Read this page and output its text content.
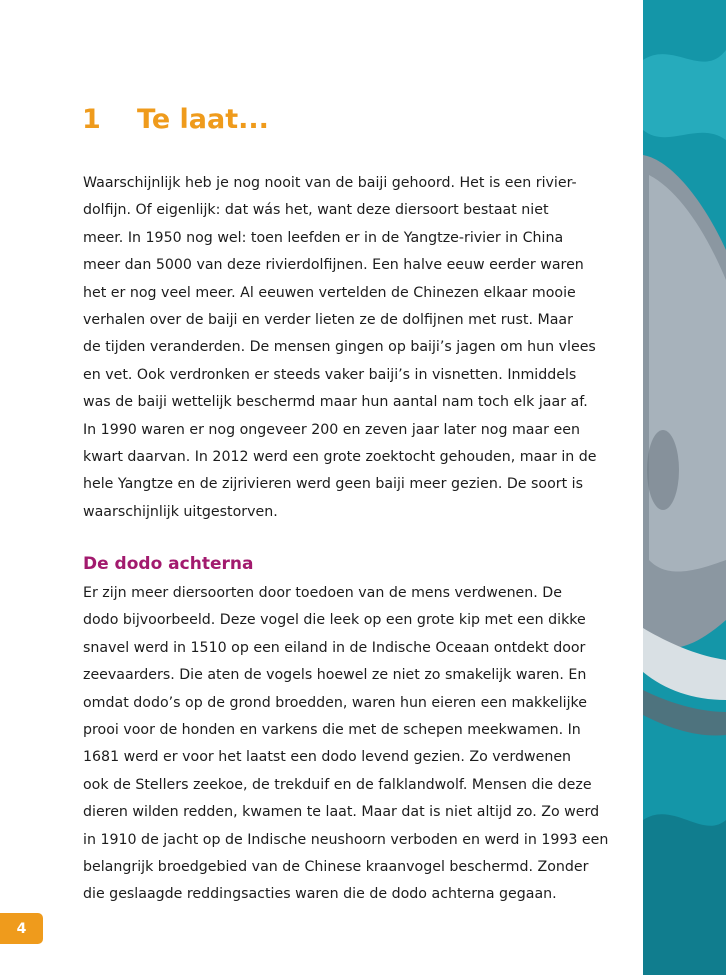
1 Te laat...
Waarschijnlijk heb je nog nooit van de baiji gehoord. Het is een rivier-
dolfijn. Of eigenlijk: dat wás het, want deze diersoort bestaat niet
meer. In 1950 nog wel: toen leefden er in de Yangtze-rivier in China
meer dan 5000 van deze rivierdolfijnen. Een halve eeuw eerder waren
het er nog veel meer. Al eeuwen vertelden de Chinezen elkaar mooie
verhalen over de baiji en verder lieten ze de dolfijnen met rust. Maar
de tijden veranderden. De mensen gingen op baiji’s jagen om hun vlees
en vet. Ook verdronken er steeds vaker baiji’s in visnetten. Inmiddels
was de baiji wettelijk beschermd maar hun aantal nam toch elk jaar af.
In 1990 waren er nog ongeveer 200 en zeven jaar later nog maar een
kwart daarvan. In 2012 werd een grote zoektocht gehouden, maar in de
hele Yangtze en de zijrivieren werd geen baiji meer gezien. De soort is
waarschijnlijk uitgestorven.
De dodo achterna
Er zijn meer diersoorten door toedoen van de mens verdwenen. De
dodo bijvoorbeeld. Deze vogel die leek op een grote kip met een dikke
snavel werd in 1510 op een eiland in de Indische Oceaan ontdekt door
zeevaarders. Die aten de vogels hoewel ze niet zo smakelijk waren. En
omdat dodo’s op de grond broedden, waren hun eieren een makkelijke
prooi voor de honden en varkens die met de schepen meekwamen. In
1681 werd er voor het laatst een dodo levend gezien. Zo verdwenen
ook de Stellers zeekoe, de trekduif en de falklandwolf. Mensen die deze
dieren wilden redden, kwamen te laat. Maar dat is niet altijd zo. Zo werd
in 1910 de jacht op de Indische neushoorn verboden en werd in 1993 een
belangrijk broedgebied van de Chinese kraanvogel beschermd. Zonder
die geslaagde reddingsacties waren die de dodo achterna gegaan.
4
